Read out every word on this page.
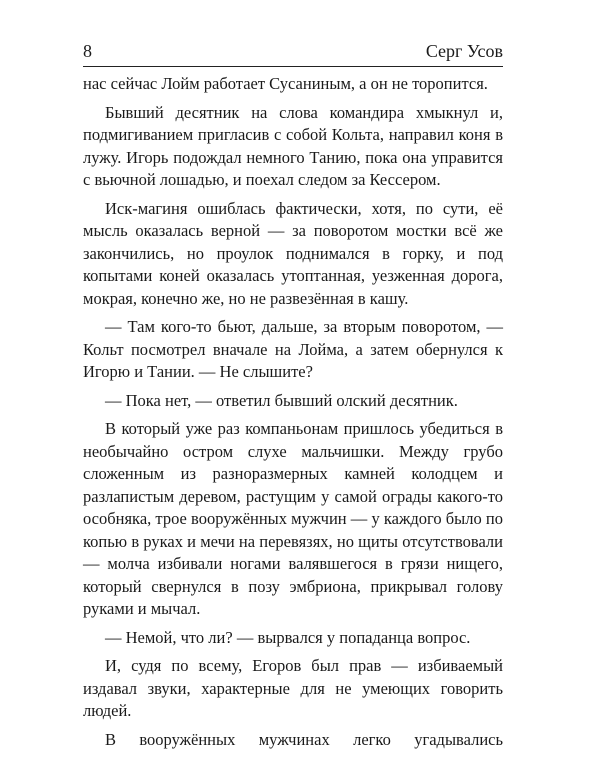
8	Серг Усов

нас сейчас Лойм работает Сусаниным, а он не торопится.

Бывший десятник на слова командира хмыкнул и, подмигиванием пригласив с собой Кольта, направил коня в лужу. Игорь подождал немного Танию, пока она управится с вьючной лошадью, и поехал следом за Кессером.

Иск-магиня ошиблась фактически, хотя, по сути, её мысль оказалась верной — за поворотом мостки всё же закончились, но проулок поднимался в горку, и под копытами коней оказалась утоптанная, уезженная дорога, мокрая, конечно же, но не развезённая в кашу.

— Там кого-то бьют, дальше, за вторым поворотом, — Кольт посмотрел вначале на Лойма, а затем обернулся к Игорю и Тании. — Не слышите?

— Пока нет, — ответил бывший олский десятник.

В который уже раз компаньонам пришлось убедиться в необычайно остром слухе мальчишки. Между грубо сложенным из разноразмерных камней колодцем и разлапистым деревом, растущим у самой ограды какого-то особняка, трое вооружённых мужчин — у каждого было по копью в руках и мечи на перевязях, но щиты отсутствовали — молча избивали ногами валявшегося в грязи нищего, который свернулся в позу эмбриона, прикрывал голову руками и мычал.

— Немой, что ли? — вырвался у попаданца вопрос.

И, судя по всему, Егоров был прав — избиваемый издавал звуки, характерные для не умеющих говорить людей.

В вооружённых мужчинах легко угадывались
